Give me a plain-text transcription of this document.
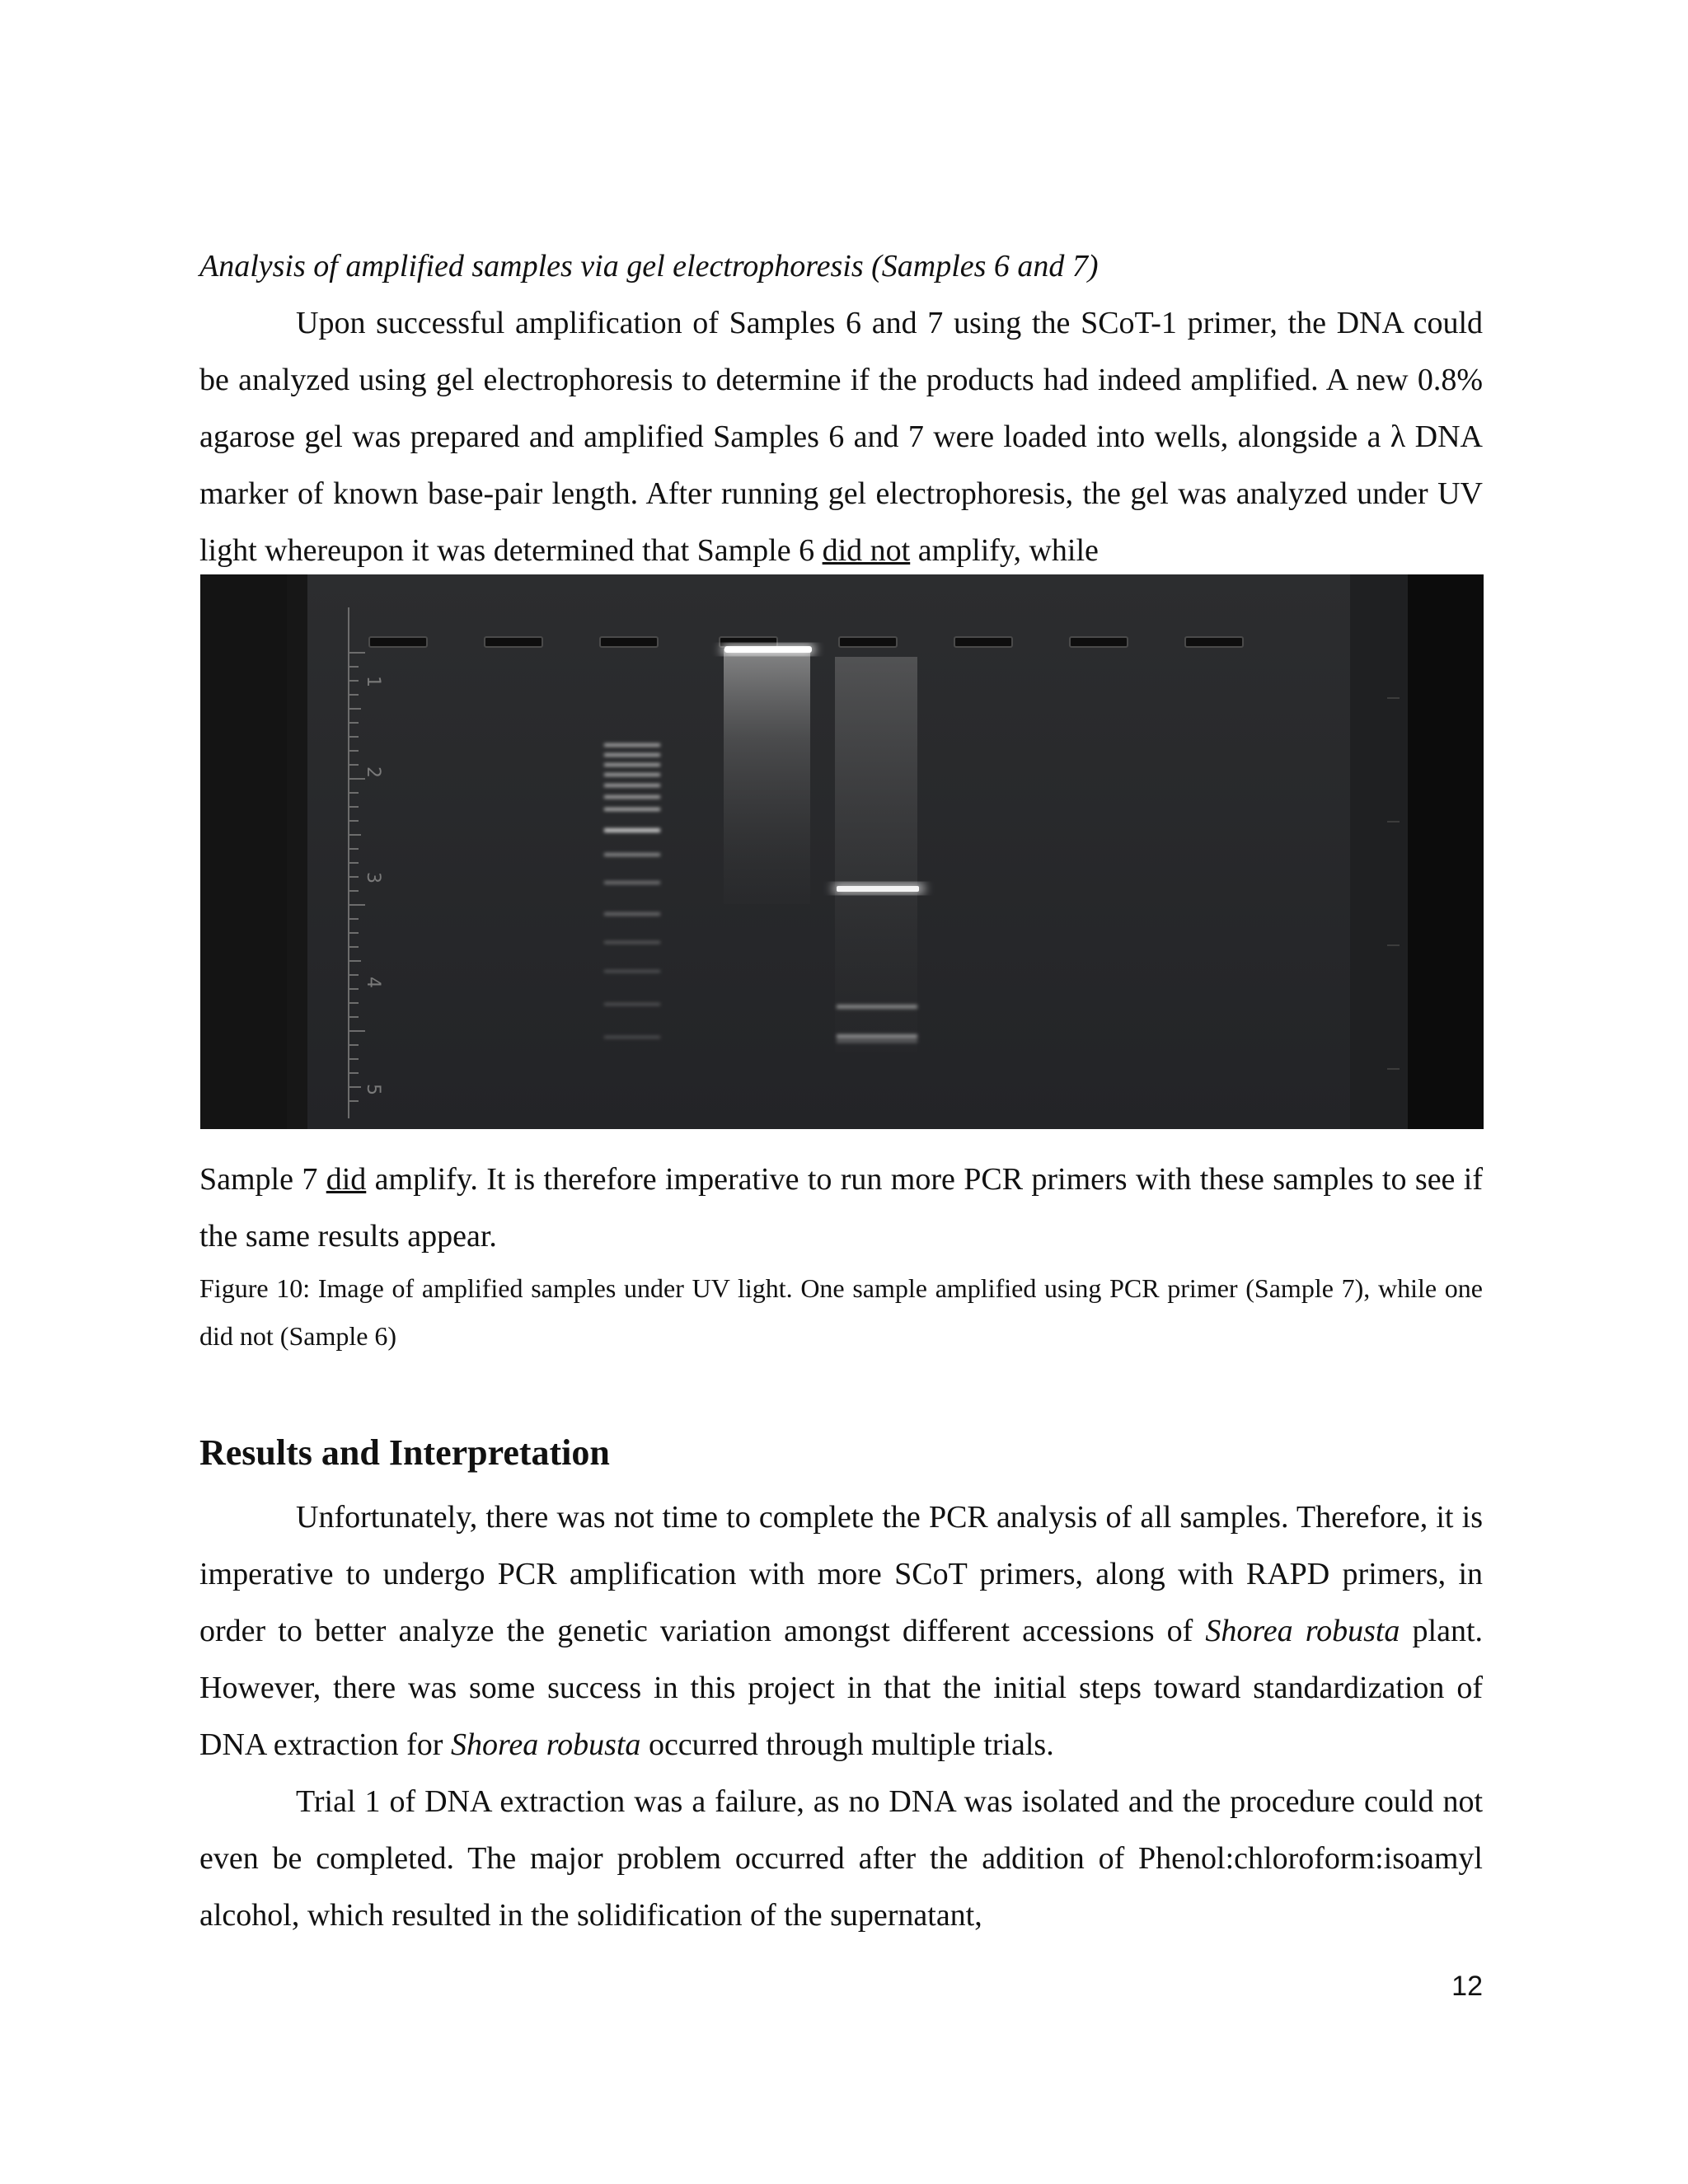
Analysis of amplified samples via gel electrophoresis (Samples 6 and 7)

Upon successful amplification of Samples 6 and 7 using the SCoT-1 primer, the DNA could be analyzed using gel electrophoresis to determine if the products had indeed amplified. A new 0.8% agarose gel was prepared and amplified Samples 6 and 7 were loaded into wells, alongside a λ DNA marker of known base-pair length. After running gel electrophoresis, the gel was analyzed under UV light whereupon it was determined that Sample 6 did not amplify, while

1
2
3
4
5

Sample 7 did amplify. It is therefore imperative to run more PCR primers with these samples to see if the same results appear.

Figure 10: Image of amplified samples under UV light. One sample amplified using PCR primer (Sample 7), while one did not (Sample 6)

Results and Interpretation

Unfortunately, there was not time to complete the PCR analysis of all samples. Therefore, it is imperative to undergo PCR amplification with more SCoT primers, along with RAPD primers, in order to better analyze the genetic variation amongst different accessions of Shorea robusta plant. However, there was some success in this project in that the initial steps toward standardization of DNA extraction for Shorea robusta occurred through multiple trials.

Trial 1 of DNA extraction was a failure, as no DNA was isolated and the procedure could not even be completed. The major problem occurred after the addition of Phenol:chloroform:isoamyl alcohol, which resulted in the solidification of the supernatant,

12
